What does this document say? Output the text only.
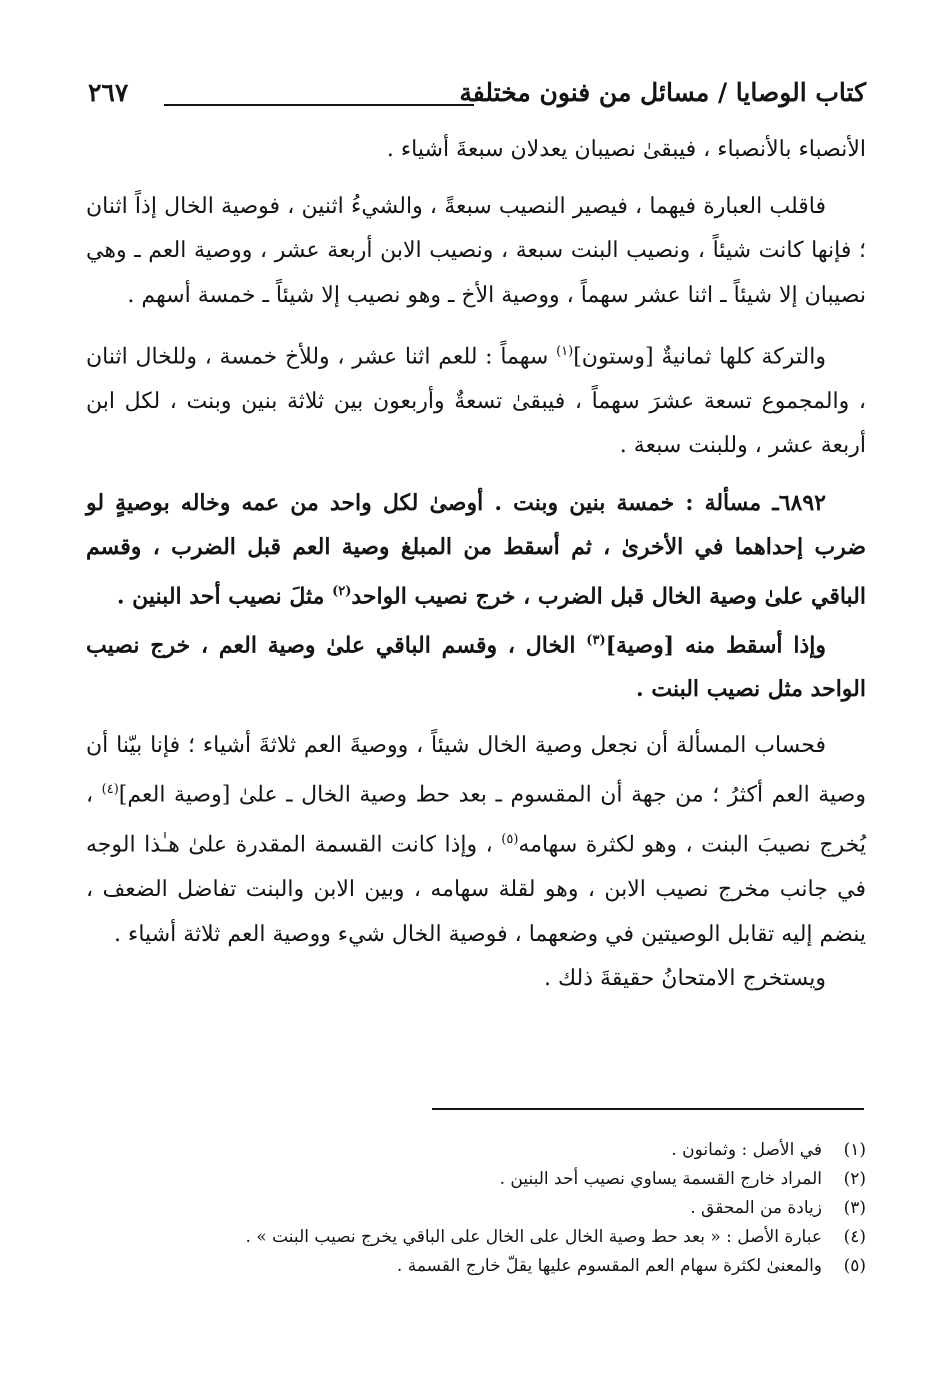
كتاب الوصايا / مسائل من فنون مختلفة
٢٦٧

الأنصباء بالأنصباء ، فيبقىٰ نصيبان يعدلان سبعةَ أشياء .

فاقلب العبارة فيهما ، فيصير النصيب سبعةً ، والشيءُ اثنين ، فوصية الخال إذاً اثنان ؛ فإنها كانت شيئاً ، ونصيب البنت سبعة ، ونصيب الابن أربعة عشر ، ووصية العم ـ وهي نصيبان إلا شيئاً ـ اثنا عشر سهماً ، ووصية الأخ ـ وهو نصيب إلا شيئاً ـ خمسة أسهم .

والتركة كلها ثمانيةٌ [وستون]$^{(١)}$ سهماً : للعم اثنا عشر ، وللأخ خمسة ، وللخال اثنان ، والمجموع تسعة عشرَ سهماً ، فيبقىٰ تسعةٌ وأربعون بين ثلاثة بنين وبنت ، لكل ابن أربعة عشر ، وللبنت سبعة .

٦٨٩٢ـ مسألة : خمسة بنين وبنت . أوصىٰ لكل واحد من عمه وخاله بوصيةٍ لو ضرب إحداهما في الأخرىٰ ، ثم أسقط من المبلغ وصية العم قبل الضرب ، وقسم الباقي علىٰ وصية الخال قبل الضرب ، خرج نصيب الواحد$^{(٢)}$ مثلَ نصيب أحد البنين .

وإذا أسقط منه [وصية]$^{(٣)}$ الخال ، وقسم الباقي علىٰ وصية العم ، خرج نصيب الواحد مثل نصيب البنت .

فحساب المسألة أن نجعل وصية الخال شيئاً ، ووصيةَ العم ثلاثةَ أشياء ؛ فإنا بيّنا أن وصية العم أكثرُ ؛ من جهة أن المقسوم ـ بعد حط وصية الخال ـ علىٰ [وصية العم]$^{(٤)}$ ، يُخرج نصيبَ البنت ، وهو لكثرة سهامه$^{(٥)}$ ، وإذا كانت القسمة المقدرة علىٰ هـٰذا الوجه في جانب مخرج نصيب الابن ، وهو لقلة سهامه ، وبين الابن والبنت تفاضل الضعف ، ينضم إليه تقابل الوصيتين في وضعهما ، فوصية الخال شيء ووصية العم ثلاثة أشياء .

ويستخرج الامتحانُ حقيقةَ ذلك .

(١)
في الأصل : وثمانون .
(٢)
المراد خارج القسمة يساوي نصيب أحد البنين .
(٣)
زيادة من المحقق .
(٤)
عبارة الأصل : « بعد حط وصية الخال على الخال على الباقي يخرج نصيب البنت » .
(٥)
والمعنىٰ لكثرة سهام العم المقسوم عليها يقلّ خارج القسمة .
